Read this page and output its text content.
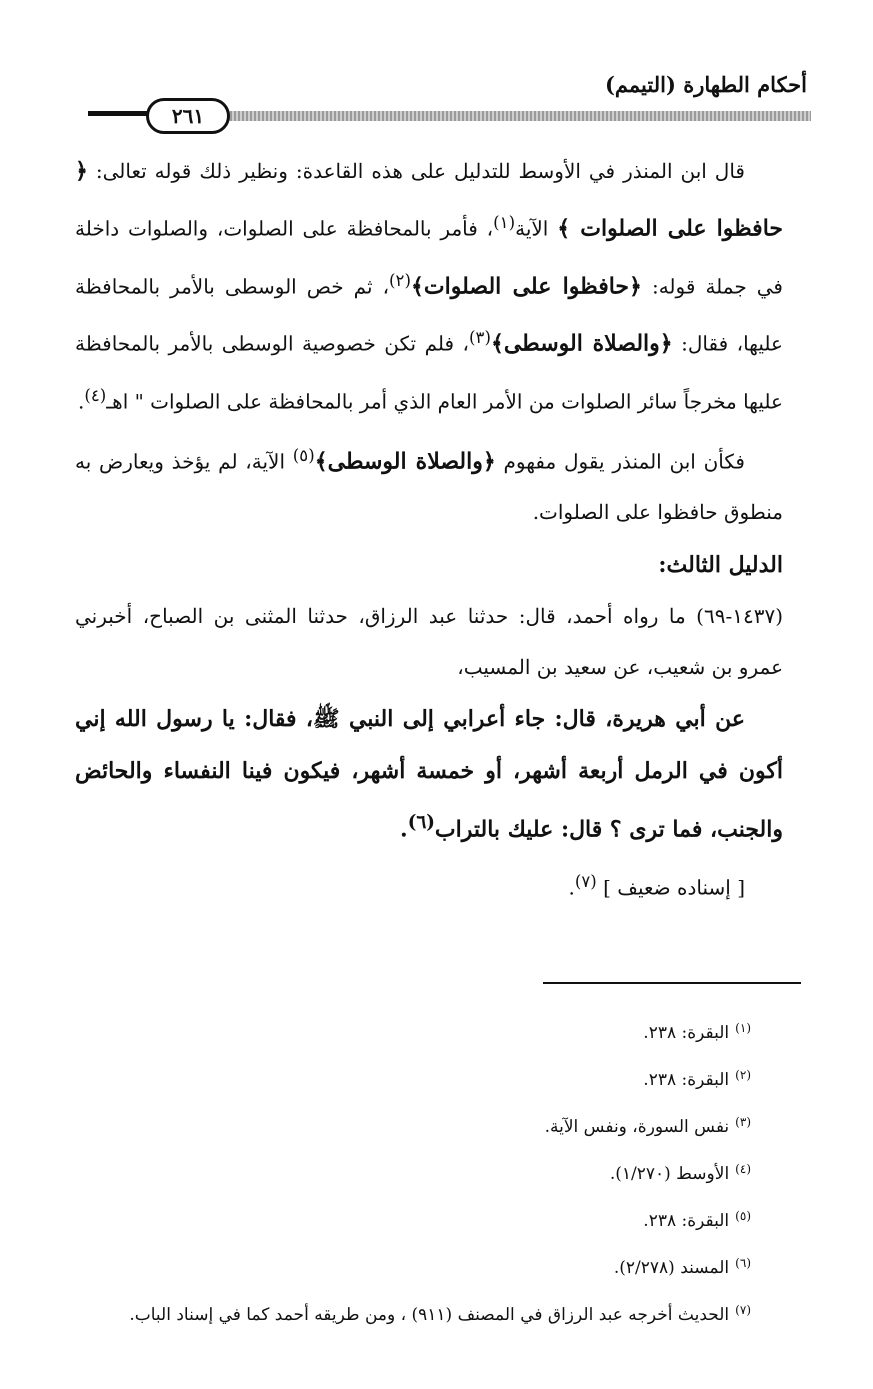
أحكام الطهارة (التيمم)
٢٦١

قال ابن المنذر في الأوسط للتدليل على هذه القاعدة: ونظير ذلك قوله تعالى: ﴿ حافظوا على الصلوات ﴾ الآية$^{(١)}$، فأمر بالمحافظة على الصلوات، والصلوات داخلة في جملة قوله: ﴿حافظوا على الصلوات﴾$^{(٢)}$، ثم خص الوسطى بالأمر بالمحافظة عليها، فقال: ﴿والصلاة الوسطى﴾$^{(٣)}$، فلم تكن خصوصية الوسطى بالأمر بالمحافظة عليها مخرجاً سائر الصلوات من الأمر العام الذي أمر بالمحافظة على الصلوات " اهـ$^{(٤)}$.

فكأن ابن المنذر يقول مفهوم ﴿والصلاة الوسطى﴾$^{(٥)}$ الآية، لم يؤخذ ويعارض به منطوق حافظوا على الصلوات.

الدليل الثالث:

(١٤٣٧-٦٩) ما رواه أحمد، قال: حدثنا عبد الرزاق، حدثنا المثنى بن الصباح، أخبرني عمرو بن شعيب، عن سعيد بن المسيب،

عن أبي هريرة، قال: جاء أعرابي إلى النبي ﷺ، فقال: يا رسول الله إني أكون في الرمل أربعة أشهر، أو خمسة أشهر، فيكون فينا النفساء والحائض والجنب، فما ترى ؟ قال: عليك بالتراب$^{(٦)}$.

[ إسناده ضعيف ] $^{(٧)}$.

$^{(١)}$البقرة: ٢٣٨.
$^{(٢)}$البقرة: ٢٣٨.
$^{(٣)}$نفس السورة، ونفس الآية.
$^{(٤)}$الأوسط (١/٢٧٠).
$^{(٥)}$البقرة: ٢٣٨.
$^{(٦)}$المسند (٢/٢٧٨).
$^{(٧)}$الحديث أخرجه عبد الرزاق في المصنف (٩١١) ، ومن طريقه أحمد كما في إسناد الباب.
